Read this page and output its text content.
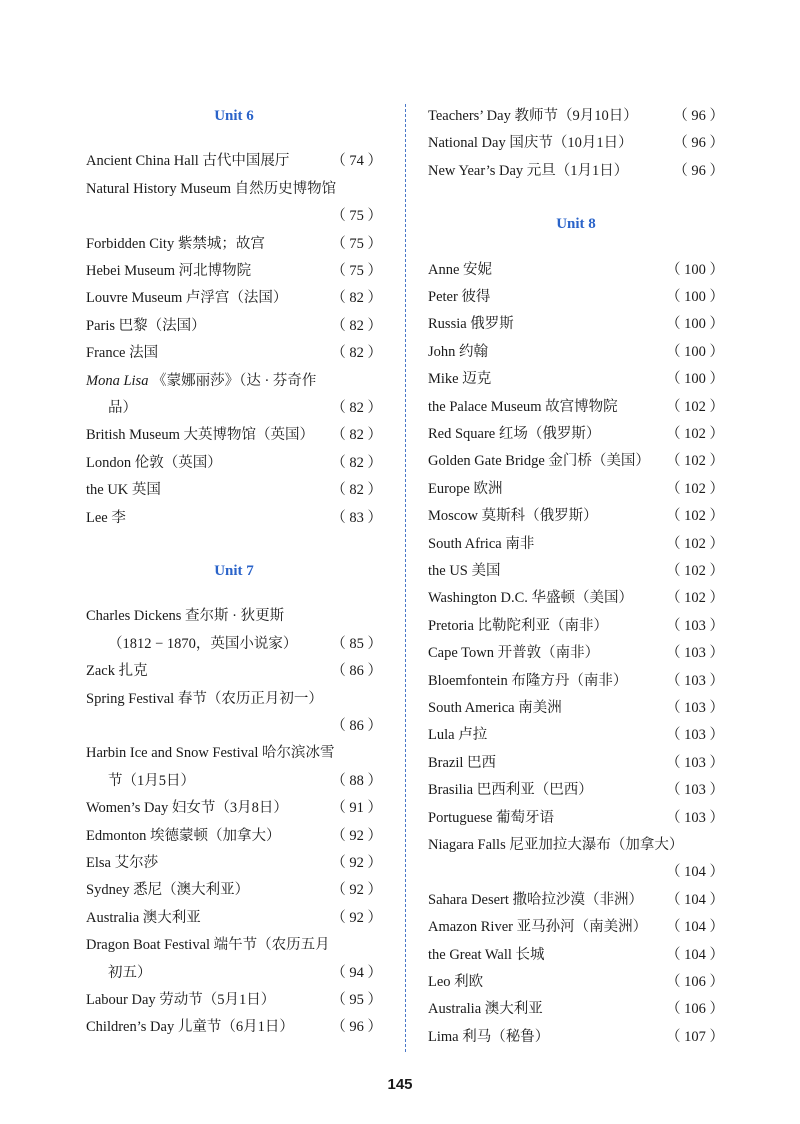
Unit 6
Ancient China Hall 古代中国展厅	（ 74 ）
Natural History Museum 自然历史博物馆
（ 75 ）
Forbidden City 紫禁城；故宫	（ 75 ）
Hebei Museum 河北博物院	（ 75 ）
Louvre Museum 卢浮宫（法国）	（ 82 ）
Paris 巴黎（法国）	（ 82 ）
France 法国	（ 82 ）
Mona Lisa 《蒙娜丽莎》（达 · 芬奇作
品）	（ 82 ）
British Museum 大英博物馆（英国） （ 82 ）
London 伦敦（英国）	（ 82 ）
the UK 英国	（ 82 ）
Lee 李	（ 83 ）
Unit 7
Charles Dickens 查尔斯 · 狄更斯
（1812 − 1870，英国小说家） （ 85 ）
Zack 扎克	（ 86 ）
Spring Festival 春节（农历正月初一）
（ 86 ）
Harbin Ice and Snow Festival 哈尔滨冰雪
节（1月5日）	（ 88 ）
Women’s Day 妇女节（3月8日）	（ 91 ）
Edmonton 埃德蒙顿（加拿大）	（ 92 ）
Elsa 艾尔莎	（ 92 ）
Sydney 悉尼（澳大利亚）	（ 92 ）
Australia 澳大利亚	（ 92 ）
Dragon Boat Festival 端午节（农历五月
初五）	（ 94 ）
Labour Day 劳动节（5月1日）	（ 95 ）
Children’s Day 儿童节（6月1日）	（ 96 ）
Teachers’ Day 教师节（9月10日） （ 96 ）
National Day 国庆节（10月1日）	（ 96 ）
New Year’s Day 元旦（1月1日）	（ 96 ）
Unit 8
Anne 安妮	（ 100 ）
Peter 彼得	（ 100 ）
Russia 俄罗斯	（ 100 ）
John 约翰	（ 100 ）
Mike 迈克	（ 100 ）
the Palace Museum 故宫博物院	（ 102 ）
Red Square 红场（俄罗斯）	（ 102 ）
Golden Gate Bridge 金门桥（美国） （ 102 ）
Europe 欧洲	（ 102 ）
Moscow 莫斯科（俄罗斯）	（ 102 ）
South Africa 南非	（ 102 ）
the US 美国	（ 102 ）
Washington D.C. 华盛顿（美国） （ 102 ）
Pretoria 比勒陀利亚（南非）	（ 103 ）
Cape Town 开普敦（南非）	（ 103 ）
Bloemfontein 布隆方丹（南非）	（ 103 ）
South America 南美洲	（ 103 ）
Lula 卢拉	（ 103 ）
Brazil 巴西	（ 103 ）
Brasilia 巴西利亚（巴西）	（ 103 ）
Portuguese 葡萄牙语	（ 103 ）
Niagara Falls 尼亚加拉大瀑布（加拿大）
（ 104 ）
Sahara Desert 撒哈拉沙漠（非洲） （ 104 ）
Amazon River 亚马孙河（南美洲） （ 104 ）
the Great Wall 长城	（ 104 ）
Leo 利欧	（ 106 ）
Australia 澳大利亚	（ 106 ）
Lima 利马（秘鲁）	（ 107 ）
145
